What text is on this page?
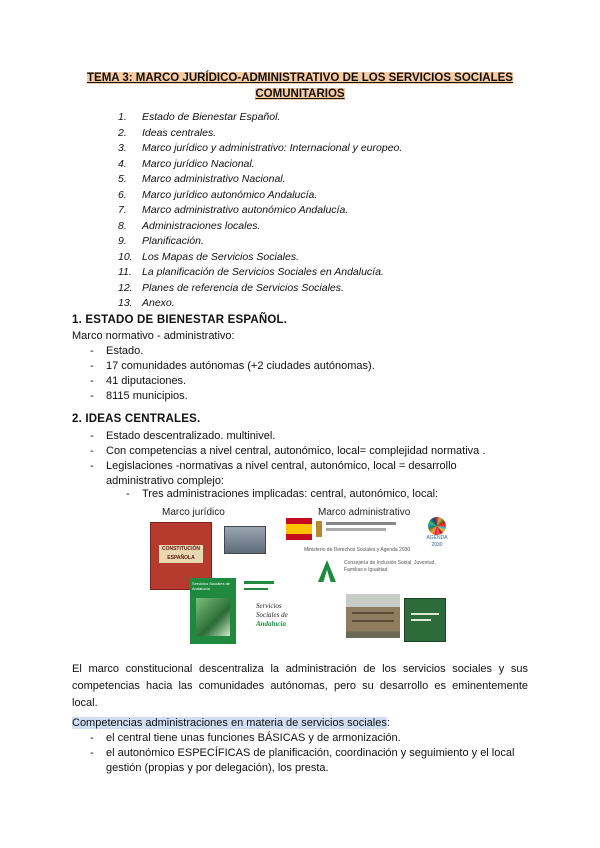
TEMA 3: MARCO JURÍDICO-ADMINISTRATIVO DE LOS SERVICIOS SOCIALES
COMUNITARIOS
1. Estado de Bienestar Español.
2. Ideas centrales.
3. Marco jurídico y administrativo: Internacional y europeo.
4. Marco jurídico Nacional.
5. Marco administrativo Nacional.
6. Marco jurídico autonómico Andalucía.
7. Marco administrativo autonómico Andalucía.
8. Administraciones locales.
9. Planificación.
10. Los Mapas de Servicios Sociales.
11. La planificación de Servicios Sociales en Andalucía.
12. Planes de referencia de Servicios Sociales.
13. Anexo.
1. ESTADO DE BIENESTAR ESPAÑOL.
Marco normativo - administrativo:
- Estado.
- 17 comunidades autónomas (+2 ciudades autónomas).
- 41 diputaciones.
- 8115 municipios.
2. IDEAS CENTRALES.
- Estado descentralizado. multinivel.
- Con competencias a nivel central, autonómico, local= complejidad normativa .
- Legislaciones -normativas a nivel central, autonómico, local = desarrollo administrativo complejo:
- Tres administraciones implicadas: central, autonómico, local:
Marco jurídico	Marco administrativo
CONSTITUCIÓN ESPAÑOLA
AGENDA 2030
Ministerio de Derechos Sociales y Agenda 2030
Consejería de Inclusión Social, Juventud, Familias e Igualdad
Servicios Sociales de Andalucía
Servicios
Sociales de
Andalucía
El marco constitucional descentraliza la administración de los servicios sociales y sus competencias hacia las comunidades autónomas, pero su desarrollo es eminentemente local.
Competencias administraciones en materia de servicios sociales:
- el central tiene unas funciones BÁSICAS y de armonización.
- el autonómico ESPECÍFICAS de planificación, coordinación y seguimiento y el local gestión (propias y por delegación), los presta.
